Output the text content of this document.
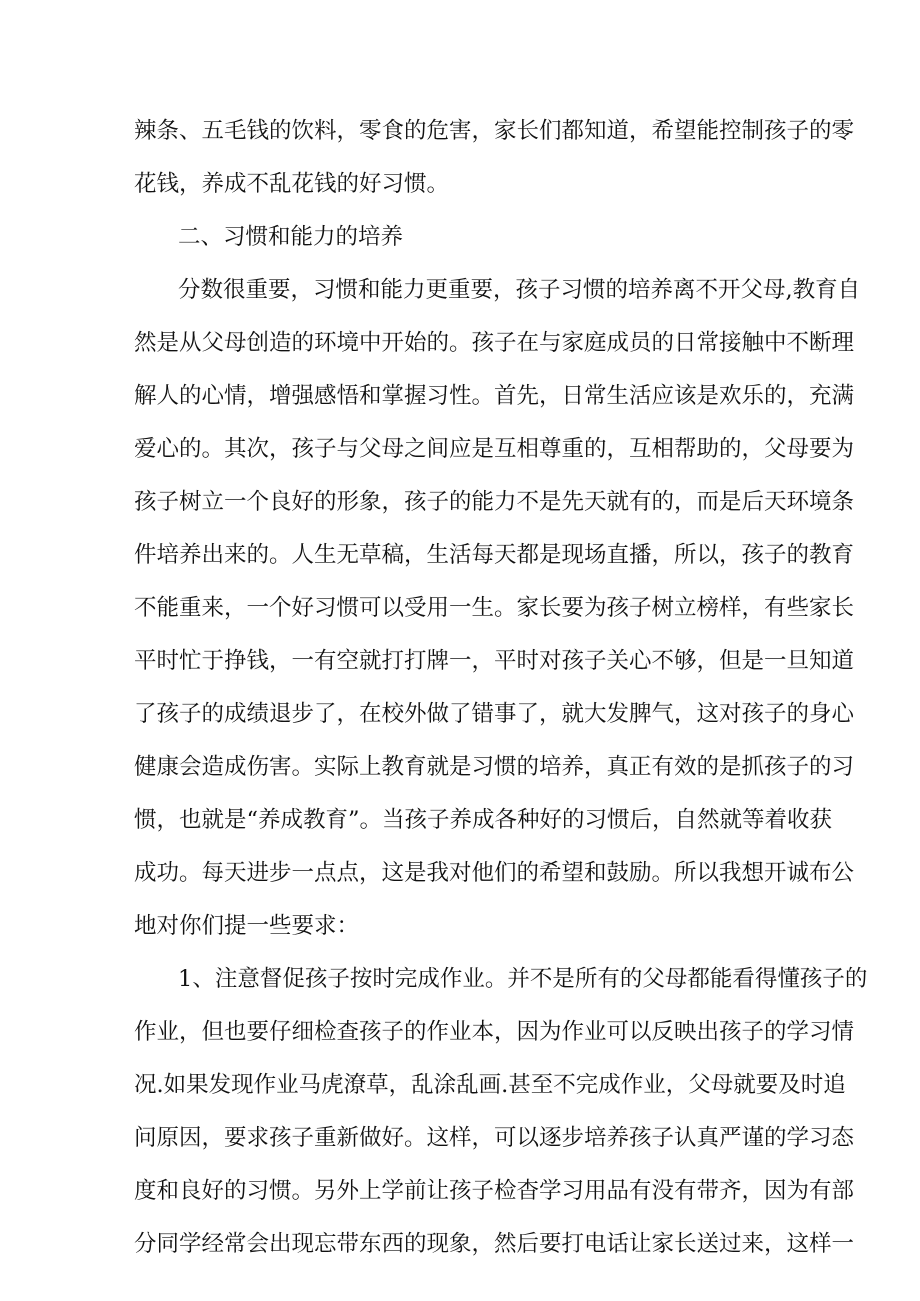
辣条、五毛钱的饮料，零食的危害，家长们都知道，希望能控制孩子的零
花钱，养成不乱花钱的好习惯。
二、习惯和能力的培养
分数很重要，习惯和能力更重要，孩子习惯的培养离不开父母,教育自
然是从父母创造的环境中开始的。孩子在与家庭成员的日常接触中不断理
解人的心情，增强感悟和掌握习性。首先，日常生活应该是欢乐的，充满
爱心的。其次，孩子与父母之间应是互相尊重的，互相帮助的，父母要为
孩子树立一个良好的形象，孩子的能力不是先天就有的，而是后天环境条
件培养出来的。人生无草稿，生活每天都是现场直播，所以，孩子的教育
不能重来，一个好习惯可以受用一生。家长要为孩子树立榜样，有些家长
平时忙于挣钱，一有空就打打牌一，平时对孩子关心不够，但是一旦知道
了孩子的成绩退步了，在校外做了错事了，就大发脾气，这对孩子的身心
健康会造成伤害。实际上教育就是习惯的培养，真正有效的是抓孩子的习
惯，也就是“养成教育”。当孩子养成各种好的习惯后，自然就等着收获
成功。每天进步一点点，这是我对他们的希望和鼓励。所以我想开诚布公
地对你们提一些要求：
1、注意督促孩子按时完成作业。并不是所有的父母都能看得懂孩子的
作业，但也要仔细检查孩子的作业本，因为作业可以反映出孩子的学习情
况.如果发现作业马虎潦草，乱涂乱画.甚至不完成作业，父母就要及时追
问原因，要求孩子重新做好。这样，可以逐步培养孩子认真严谨的学习态
度和良好的习惯。另外上学前让孩子检杳学习用品有没有带齐，因为有部
分同学经常会出现忘带东西的现象，然后要打电话让家长送过来，这样一
